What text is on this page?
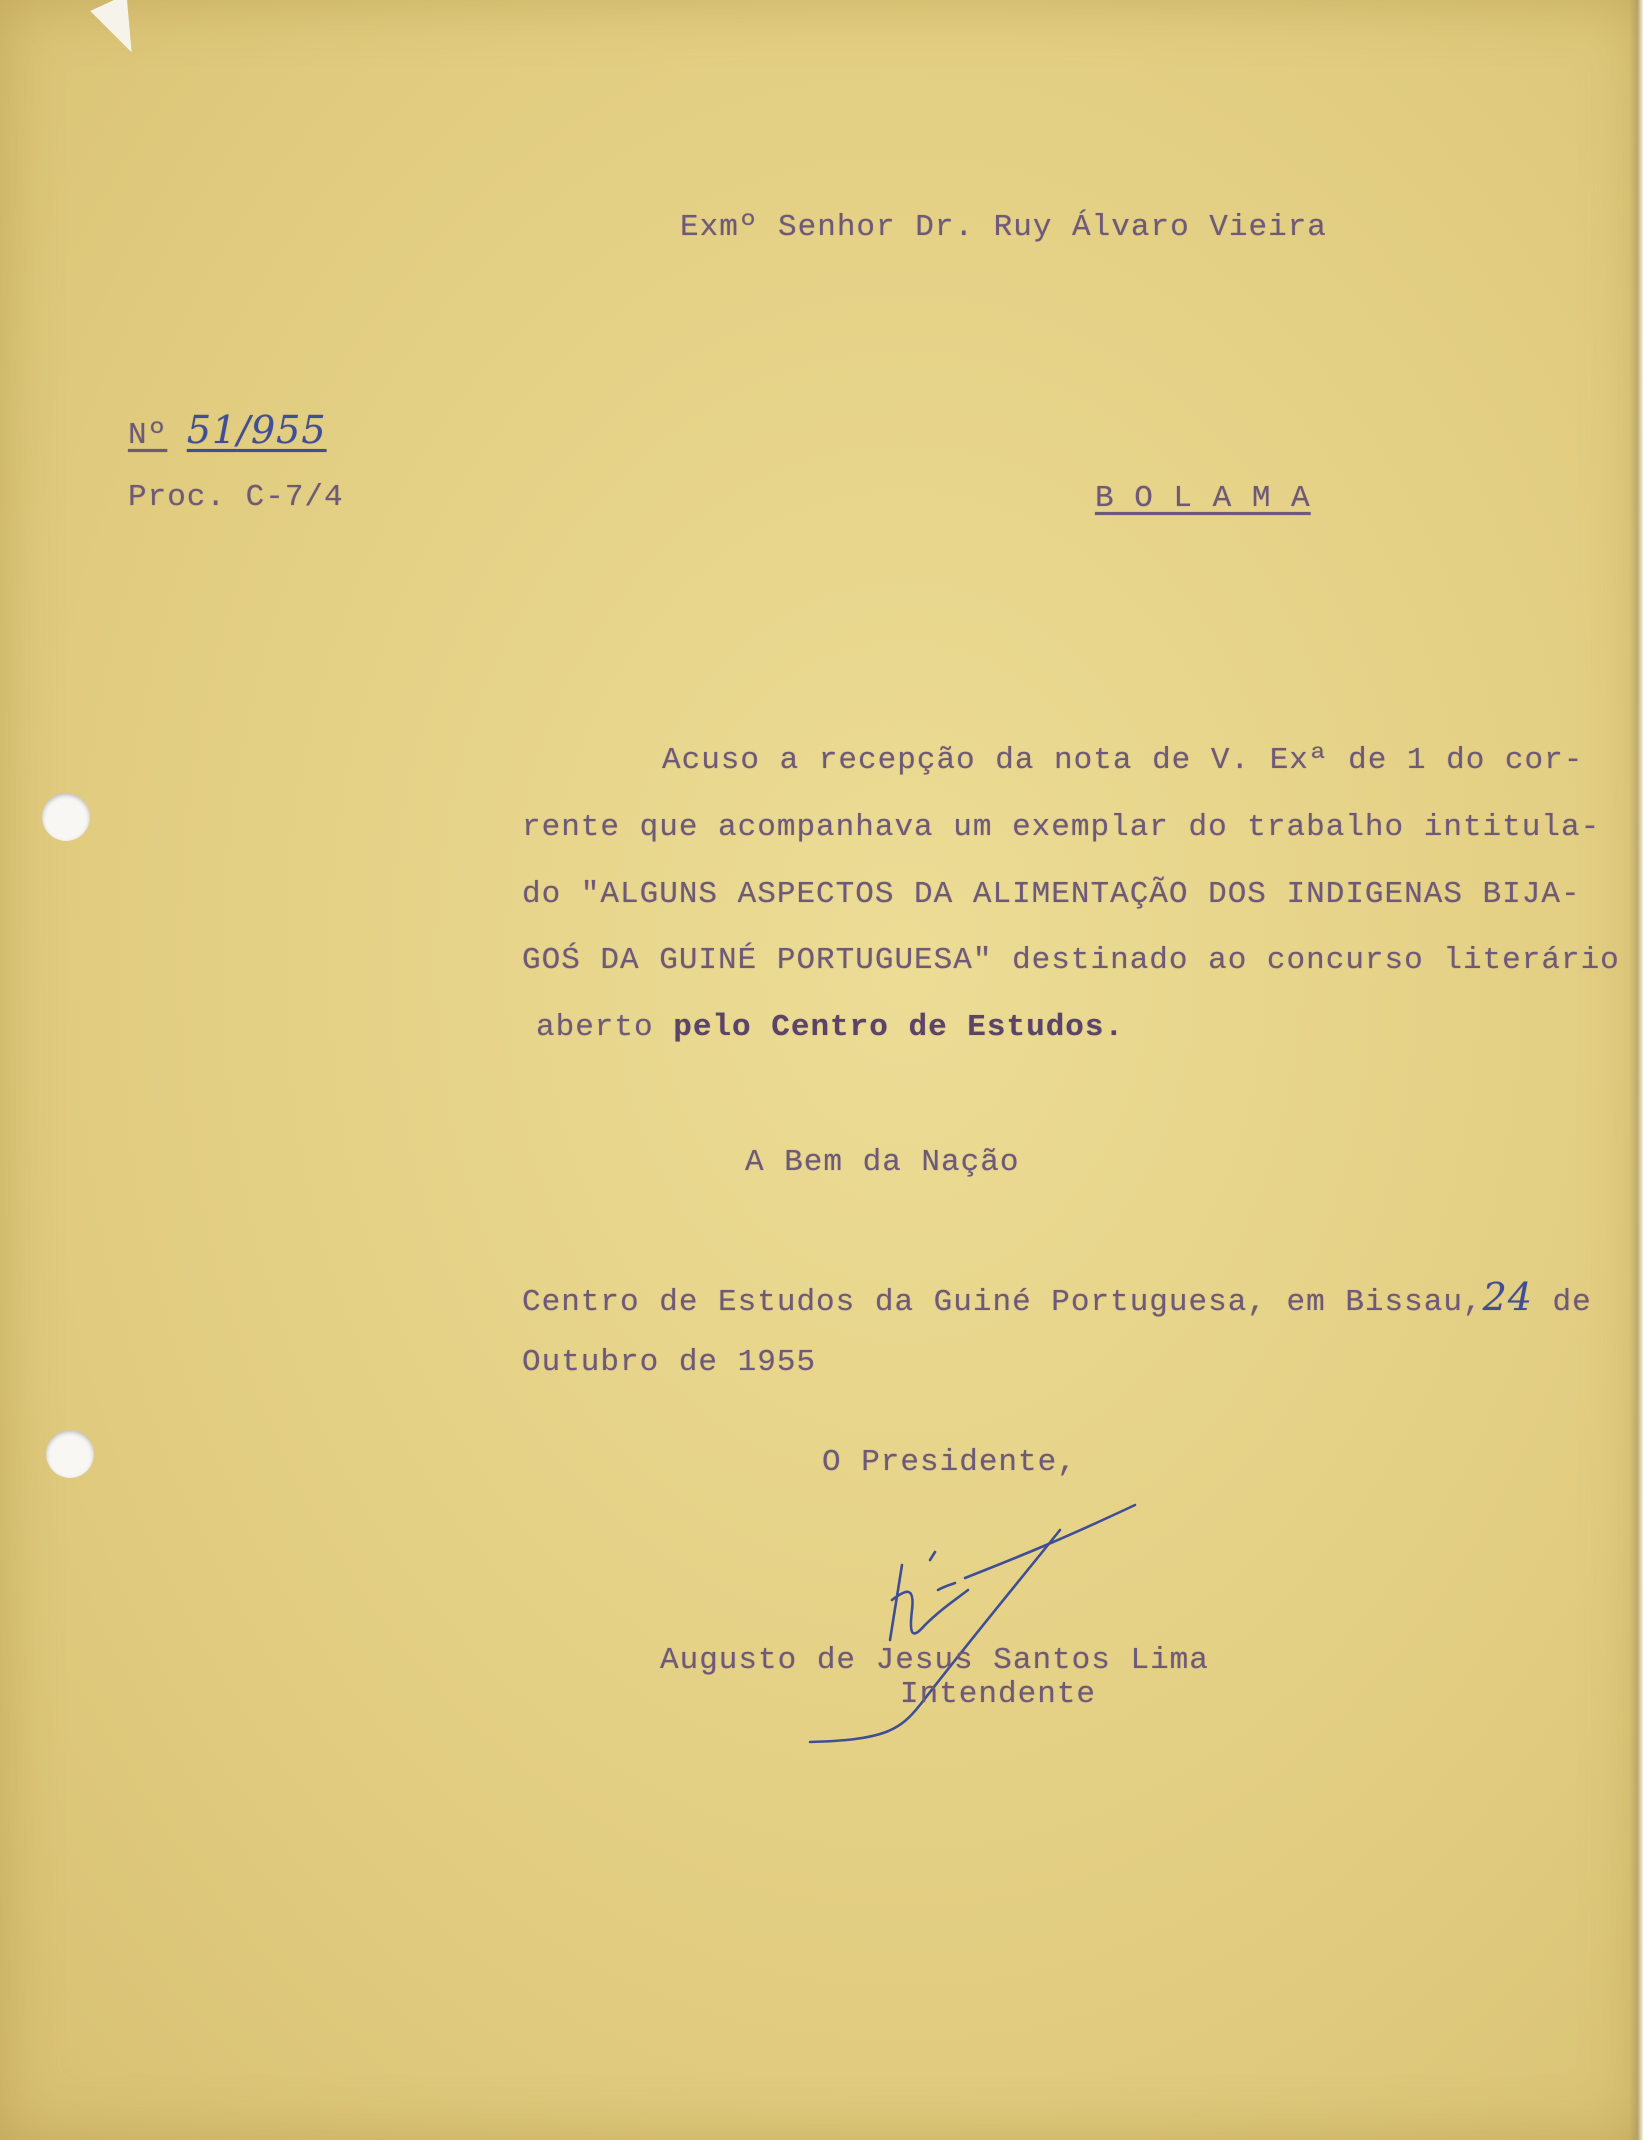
Exmº Senhor Dr. Ruy Álvaro Vieira
Nº 51/955
Proc. C-7/4	B O L A M A
Acuso a recepção da nota de V. Exª de 1 do cor-
rente que acompanhava um exemplar do trabalho intitula-
do "ALGUNS ASPECTOS DA ALIMENTAÇÃO DOS INDIGENAS BIJA-
GOŚ DA GUINÉ PORTUGUESA" destinado ao concurso literário
aberto pelo Centro de Estudos.
A Bem da Nação
Centro de Estudos da Guiné Portuguesa, em Bissau,24 de
Outubro de 1955
O Presidente,
Augusto de Jesus Santos Lima
Intendente
